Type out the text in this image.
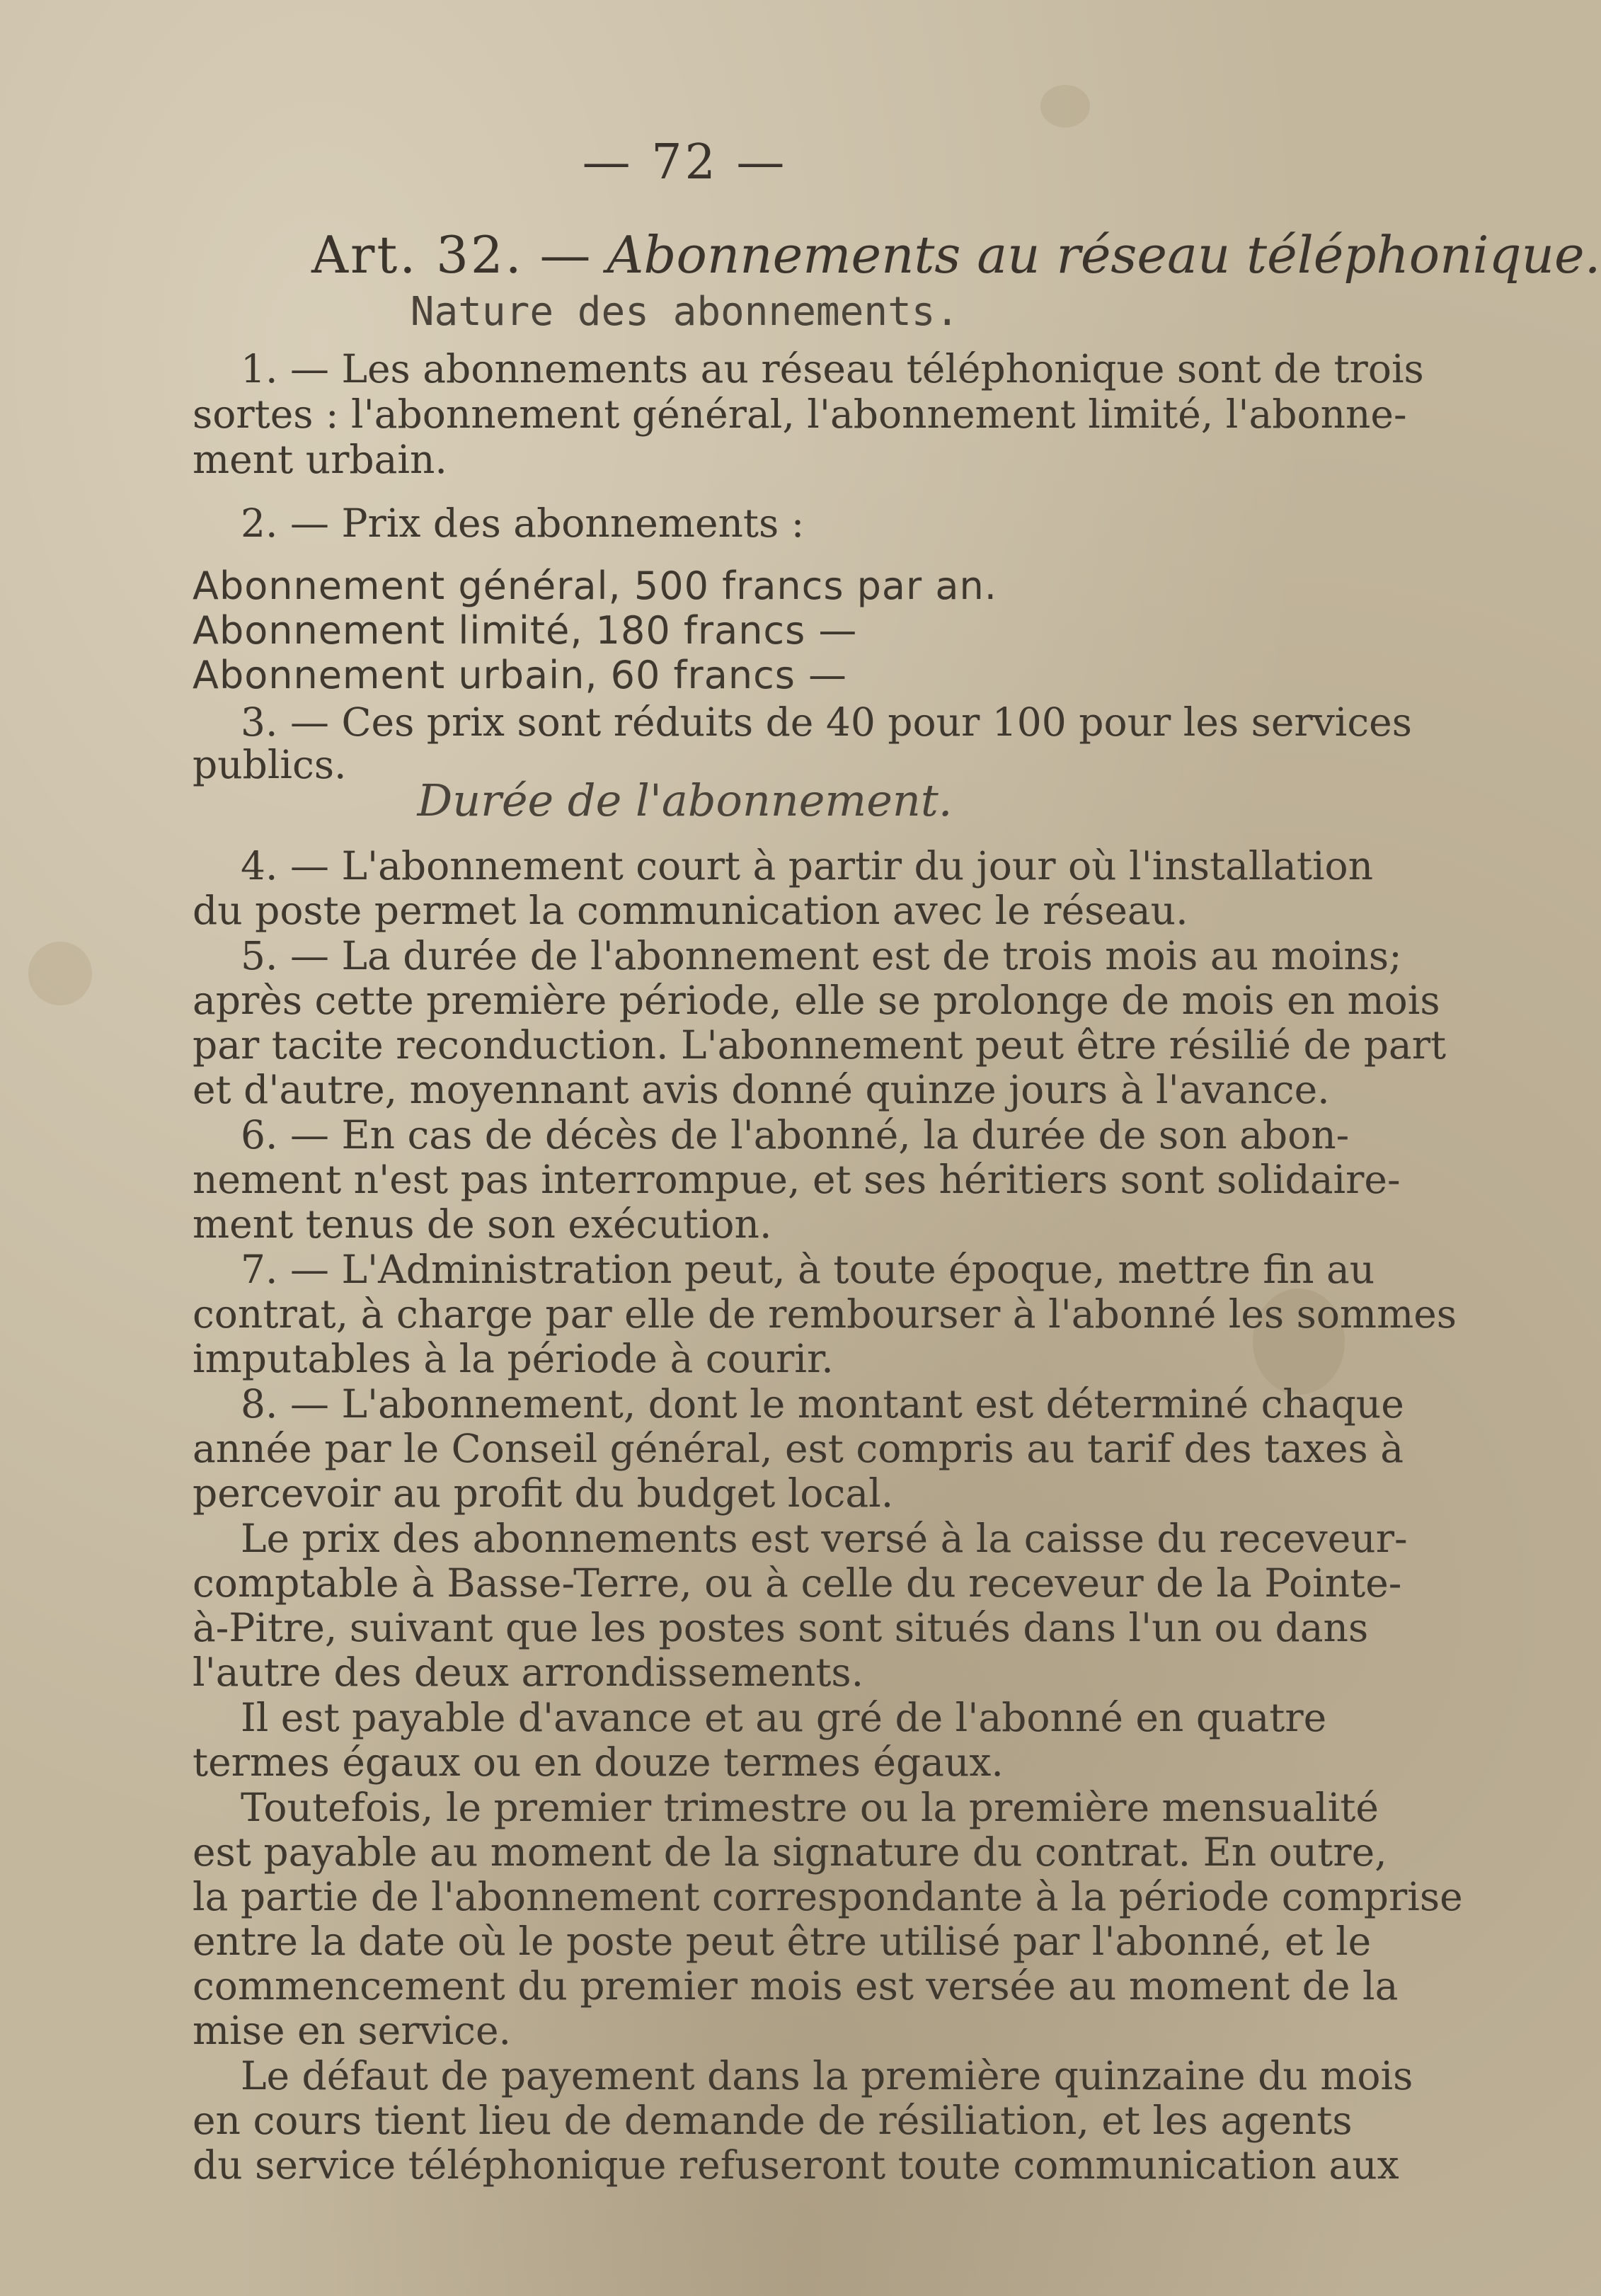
— 72 —
Art. 32. — Abonnements au réseau téléphonique.
Nature des abonnements.
1. — Les abonnements au réseau téléphonique sont de trois
sortes : l'abonnement général, l'abonnement limité, l'abonne-
ment urbain.
2. — Prix des abonnements :
Abonnement général, 500 francs par an.
Abonnement limité, 180 francs —
Abonnement urbain, 60 francs —
3. — Ces prix sont réduits de 40 pour 100 pour les services
publics.
Durée de l'abonnement.
4. — L'abonnement court à partir du jour où l'installation
du poste permet la communication avec le réseau.
5. — La durée de l'abonnement est de trois mois au moins;
après cette première période, elle se prolonge de mois en mois
par tacite reconduction. L'abonnement peut être résilié de part
et d'autre, moyennant avis donné quinze jours à l'avance.
6. — En cas de décès de l'abonné, la durée de son abon-
nement n'est pas interrompue, et ses héritiers sont solidaire-
ment tenus de son exécution.
7. — L'Administration peut, à toute époque, mettre fin au
contrat, à charge par elle de rembourser à l'abonné les sommes
imputables à la période à courir.
8. — L'abonnement, dont le montant est déterminé chaque
année par le Conseil général, est compris au tarif des taxes à
percevoir au profit du budget local.
Le prix des abonnements est versé à la caisse du receveur-
comptable à Basse-Terre, ou à celle du receveur de la Pointe-
à-Pitre, suivant que les postes sont situés dans l'un ou dans
l'autre des deux arrondissements.
Il est payable d'avance et au gré de l'abonné en quatre
termes égaux ou en douze termes égaux.
Toutefois, le premier trimestre ou la première mensualité
est payable au moment de la signature du contrat. En outre,
la partie de l'abonnement correspondante à la période comprise
entre la date où le poste peut être utilisé par l'abonné, et le
commencement du premier mois est versée au moment de la
mise en service.
Le défaut de payement dans la première quinzaine du mois
en cours tient lieu de demande de résiliation, et les agents
du service téléphonique refuseront toute communication aux
